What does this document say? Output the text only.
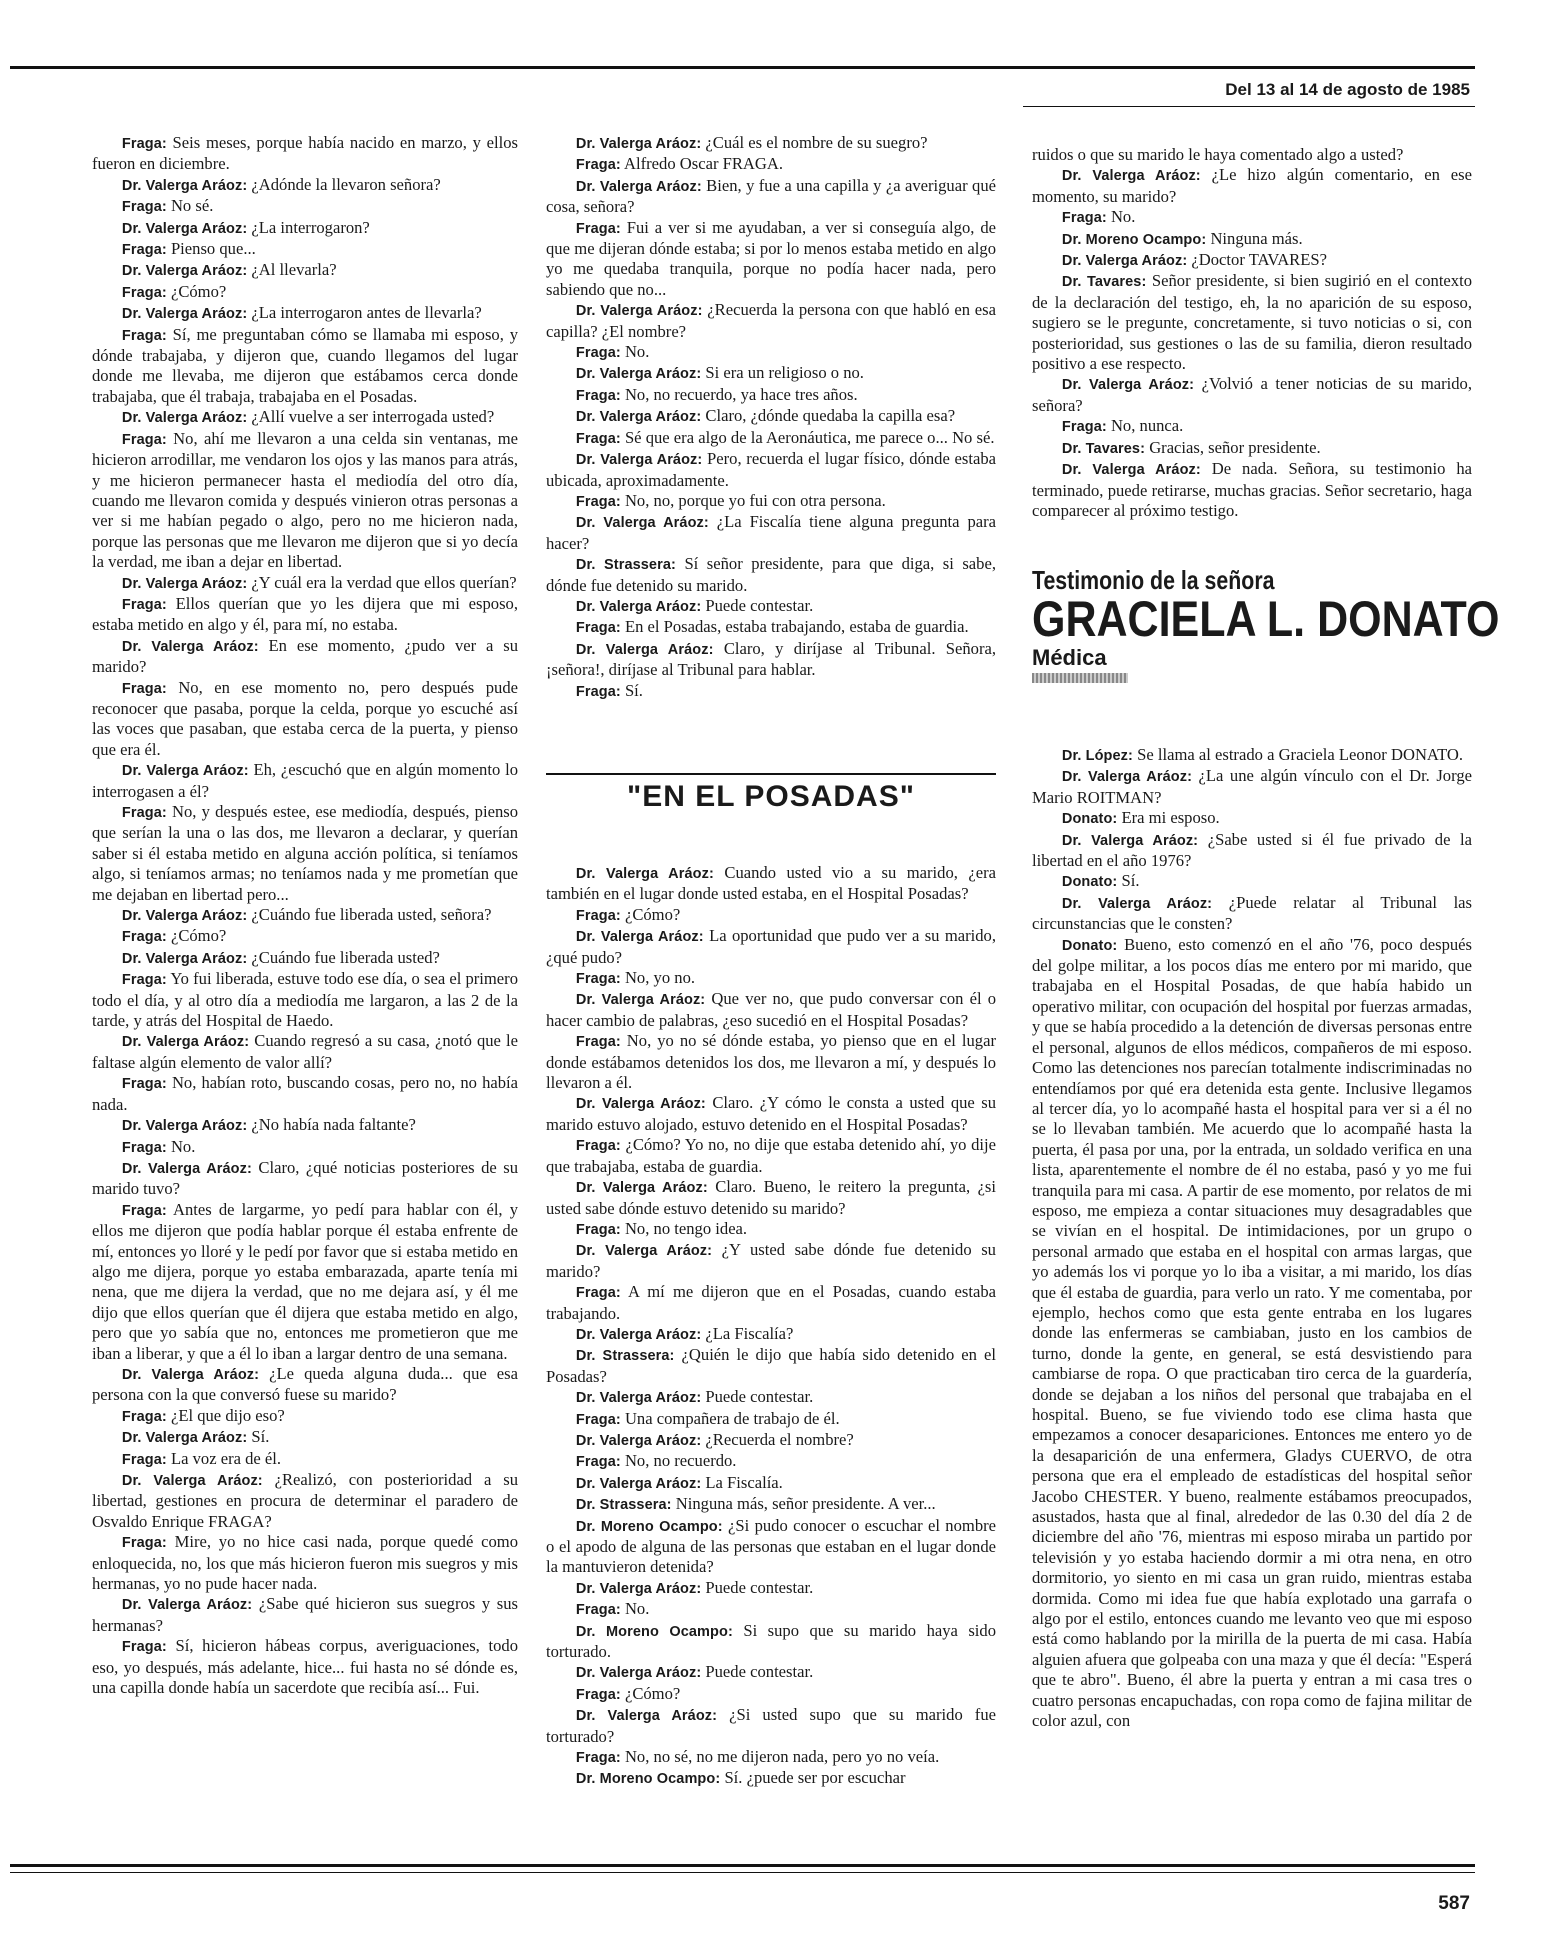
Del 13 al 14 de agosto de 1985

Fraga: Seis meses, porque había nacido en marzo, y ellos fueron en diciembre.

Dr. Valerga Aráoz: ¿Adónde la llevaron señora?

Fraga: No sé.

Dr. Valerga Aráoz: ¿La interrogaron?

Fraga: Pienso que...

Dr. Valerga Aráoz: ¿Al llevarla?

Fraga: ¿Cómo?

Dr. Valerga Aráoz: ¿La interrogaron antes de llevarla?

Fraga: Sí, me preguntaban cómo se llamaba mi esposo, y dónde trabajaba, y dijeron que, cuando llegamos del lugar donde me llevaba, me dijeron que estábamos cerca donde trabajaba, que él trabaja, trabajaba en el Posadas.

Dr. Valerga Aráoz: ¿Allí vuelve a ser interrogada usted?

Fraga: No, ahí me llevaron a una celda sin ventanas, me hicieron arrodillar, me vendaron los ojos y las manos para atrás, y me hicieron permanecer hasta el mediodía del otro día, cuando me llevaron comida y después vinieron otras personas a ver si me habían pegado o algo, pero no me hicieron nada, porque las personas que me llevaron me dijeron que si yo decía la verdad, me iban a dejar en libertad.

Dr. Valerga Aráoz: ¿Y cuál era la verdad que ellos querían?

Fraga: Ellos querían que yo les dijera que mi esposo, estaba metido en algo y él, para mí, no estaba.

Dr. Valerga Aráoz: En ese momento, ¿pudo ver a su marido?

Fraga: No, en ese momento no, pero después pude reconocer que pasaba, porque la celda, porque yo escuché así las voces que pasaban, que estaba cerca de la puerta, y pienso que era él.

Dr. Valerga Aráoz: Eh, ¿escuchó que en algún momento lo interrogasen a él?

Fraga: No, y después estee, ese mediodía, después, pienso que serían la una o las dos, me llevaron a declarar, y querían saber si él estaba metido en alguna acción política, si teníamos algo, si teníamos armas; no teníamos nada y me prometían que me dejaban en libertad pero...

Dr. Valerga Aráoz: ¿Cuándo fue liberada usted, señora?

Fraga: ¿Cómo?

Dr. Valerga Aráoz: ¿Cuándo fue liberada usted?

Fraga: Yo fui liberada, estuve todo ese día, o sea el primero todo el día, y al otro día a mediodía me largaron, a las 2 de la tarde, y atrás del Hospital de Haedo.

Dr. Valerga Aráoz: Cuando regresó a su casa, ¿notó que le faltase algún elemento de valor allí?

Fraga: No, habían roto, buscando cosas, pero no, no había nada.

Dr. Valerga Aráoz: ¿No había nada faltante?

Fraga: No.

Dr. Valerga Aráoz: Claro, ¿qué noticias posteriores de su marido tuvo?

Fraga: Antes de largarme, yo pedí para hablar con él, y ellos me dijeron que podía hablar porque él estaba enfrente de mí, entonces yo lloré y le pedí por favor que si estaba metido en algo me dijera, porque yo estaba embarazada, aparte tenía mi nena, que me dijera la verdad, que no me dejara así, y él me dijo que ellos querían que él dijera que estaba metido en algo, pero que yo sabía que no, entonces me prometieron que me iban a liberar, y que a él lo iban a largar dentro de una semana.

Dr. Valerga Aráoz: ¿Le queda alguna duda... que esa persona con la que conversó fuese su marido?

Fraga: ¿El que dijo eso?

Dr. Valerga Aráoz: Sí.

Fraga: La voz era de él.

Dr. Valerga Aráoz: ¿Realizó, con posterioridad a su libertad, gestiones en procura de determinar el paradero de Osvaldo Enrique FRAGA?

Fraga: Mire, yo no hice casi nada, porque quedé como enloquecida, no, los que más hicieron fueron mis suegros y mis hermanas, yo no pude hacer nada.

Dr. Valerga Aráoz: ¿Sabe qué hicieron sus suegros y sus hermanas?

Fraga: Sí, hicieron hábeas corpus, averiguaciones, todo eso, yo después, más adelante, hice... fui hasta no sé dónde es, una capilla donde había un sacerdote que recibía así... Fui.

Dr. Valerga Aráoz: ¿Cuál es el nombre de su suegro?

Fraga: Alfredo Oscar FRAGA.

Dr. Valerga Aráoz: Bien, y fue a una capilla y ¿a averiguar qué cosa, señora?

Fraga: Fui a ver si me ayudaban, a ver si conseguía algo, de que me dijeran dónde estaba; si por lo menos estaba metido en algo yo me quedaba tranquila, porque no podía hacer nada, pero sabiendo que no...

Dr. Valerga Aráoz: ¿Recuerda la persona con que habló en esa capilla? ¿El nombre?

Fraga: No.

Dr. Valerga Aráoz: Si era un religioso o no.

Fraga: No, no recuerdo, ya hace tres años.

Dr. Valerga Aráoz: Claro, ¿dónde quedaba la capilla esa?

Fraga: Sé que era algo de la Aeronáutica, me parece o... No sé.

Dr. Valerga Aráoz: Pero, recuerda el lugar físico, dónde estaba ubicada, aproximadamente.

Fraga: No, no, porque yo fui con otra persona.

Dr. Valerga Aráoz: ¿La Fiscalía tiene alguna pregunta para hacer?

Dr. Strassera: Sí señor presidente, para que diga, si sabe, dónde fue detenido su marido.

Dr. Valerga Aráoz: Puede contestar.

Fraga: En el Posadas, estaba trabajando, estaba de guardia.

Dr. Valerga Aráoz: Claro, y diríjase al Tribunal. Señora, ¡señora!, diríjase al Tribunal para hablar.

Fraga: Sí.

"EN EL POSADAS"

Dr. Valerga Aráoz: Cuando usted vio a su marido, ¿era también en el lugar donde usted estaba, en el Hospital Posadas?

Fraga: ¿Cómo?

Dr. Valerga Aráoz: La oportunidad que pudo ver a su marido, ¿qué pudo?

Fraga: No, yo no.

Dr. Valerga Aráoz: Que ver no, que pudo conversar con él o hacer cambio de palabras, ¿eso sucedió en el Hospital Posadas?

Fraga: No, yo no sé dónde estaba, yo pienso que en el lugar donde estábamos detenidos los dos, me llevaron a mí, y después lo llevaron a él.

Dr. Valerga Aráoz: Claro. ¿Y cómo le consta a usted que su marido estuvo alojado, estuvo detenido en el Hospital Posadas?

Fraga: ¿Cómo? Yo no, no dije que estaba detenido ahí, yo dije que trabajaba, estaba de guardia.

Dr. Valerga Aráoz: Claro. Bueno, le reitero la pregunta, ¿si usted sabe dónde estuvo detenido su marido?

Fraga: No, no tengo idea.

Dr. Valerga Aráoz: ¿Y usted sabe dónde fue detenido su marido?

Fraga: A mí me dijeron que en el Posadas, cuando estaba trabajando.

Dr. Valerga Aráoz: ¿La Fiscalía?

Dr. Strassera: ¿Quién le dijo que había sido detenido en el Posadas?

Dr. Valerga Aráoz: Puede contestar.

Fraga: Una compañera de trabajo de él.

Dr. Valerga Aráoz: ¿Recuerda el nombre?

Fraga: No, no recuerdo.

Dr. Valerga Aráoz: La Fiscalía.

Dr. Strassera: Ninguna más, señor presidente. A ver...

Dr. Moreno Ocampo: ¿Si pudo conocer o escuchar el nombre o el apodo de alguna de las personas que estaban en el lugar donde la mantuvieron detenida?

Dr. Valerga Aráoz: Puede contestar.

Fraga: No.

Dr. Moreno Ocampo: Si supo que su marido haya sido torturado.

Dr. Valerga Aráoz: Puede contestar.

Fraga: ¿Cómo?

Dr. Valerga Aráoz: ¿Si usted supo que su marido fue torturado?

Fraga: No, no sé, no me dijeron nada, pero yo no veía.

Dr. Moreno Ocampo: Sí. ¿puede ser por escuchar

ruidos o que su marido le haya comentado algo a usted?

Dr. Valerga Aráoz: ¿Le hizo algún comentario, en ese momento, su marido?

Fraga: No.

Dr. Moreno Ocampo: Ninguna más.

Dr. Valerga Aráoz: ¿Doctor TAVARES?

Dr. Tavares: Señor presidente, si bien sugirió en el contexto de la declaración del testigo, eh, la no aparición de su esposo, sugiero se le pregunte, concretamente, si tuvo noticias o si, con posterioridad, sus gestiones o las de su familia, dieron resultado positivo a ese respecto.

Dr. Valerga Aráoz: ¿Volvió a tener noticias de su marido, señora?

Fraga: No, nunca.

Dr. Tavares: Gracias, señor presidente.

Dr. Valerga Aráoz: De nada. Señora, su testimonio ha terminado, puede retirarse, muchas gracias. Señor secretario, haga comparecer al próximo testigo.

Testimonio de la señora
GRACIELA L. DONATO
Médica

Dr. López: Se llama al estrado a Graciela Leonor DONATO.

Dr. Valerga Aráoz: ¿La une algún vínculo con el Dr. Jorge Mario ROITMAN?

Donato: Era mi esposo.

Dr. Valerga Aráoz: ¿Sabe usted si él fue privado de la libertad en el año 1976?

Donato: Sí.

Dr. Valerga Aráoz: ¿Puede relatar al Tribunal las circunstancias que le consten?

Donato: Bueno, esto comenzó en el año '76, poco después del golpe militar, a los pocos días me entero por mi marido, que trabajaba en el Hospital Posadas, de que había habido un operativo militar, con ocupación del hospital por fuerzas armadas, y que se había procedido a la detención de diversas personas entre el personal, algunos de ellos médicos, compañeros de mi esposo. Como las detenciones nos parecían totalmente indiscriminadas no entendíamos por qué era detenida esta gente. Inclusive llegamos al tercer día, yo lo acompañé hasta el hospital para ver si a él no se lo llevaban también. Me acuerdo que lo acompañé hasta la puerta, él pasa por una, por la entrada, un soldado verifica en una lista, aparentemente el nombre de él no estaba, pasó y yo me fui tranquila para mi casa. A partir de ese momento, por relatos de mi esposo, me empieza a contar situaciones muy desagradables que se vivían en el hospital. De intimidaciones, por un grupo o personal armado que estaba en el hospital con armas largas, que yo además los vi porque yo lo iba a visitar, a mi marido, los días que él estaba de guardia, para verlo un rato. Y me comentaba, por ejemplo, hechos como que esta gente entraba en los lugares donde las enfermeras se cambiaban, justo en los cambios de turno, donde la gente, en general, se está desvistiendo para cambiarse de ropa. O que practicaban tiro cerca de la guardería, donde se dejaban a los niños del personal que trabajaba en el hospital. Bueno, se fue viviendo todo ese clima hasta que empezamos a conocer desapariciones. Entonces me entero yo de la desaparición de una enfermera, Gladys CUERVO, de otra persona que era el empleado de estadísticas del hospital señor Jacobo CHESTER. Y bueno, realmente estábamos preocupados, asustados, hasta que al final, alrededor de las 0.30 del día 2 de diciembre del año '76, mientras mi esposo miraba un partido por televisión y yo estaba haciendo dormir a mi otra nena, en otro dormitorio, yo siento en mi casa un gran ruido, mientras estaba dormida. Como mi idea fue que había explotado una garrafa o algo por el estilo, entonces cuando me levanto veo que mi esposo está como hablando por la mirilla de la puerta de mi casa. Había alguien afuera que golpeaba con una maza y que él decía: "Esperá que te abro". Bueno, él abre la puerta y entran a mi casa tres o cuatro personas encapuchadas, con ropa como de fajina militar de color azul, con

587
